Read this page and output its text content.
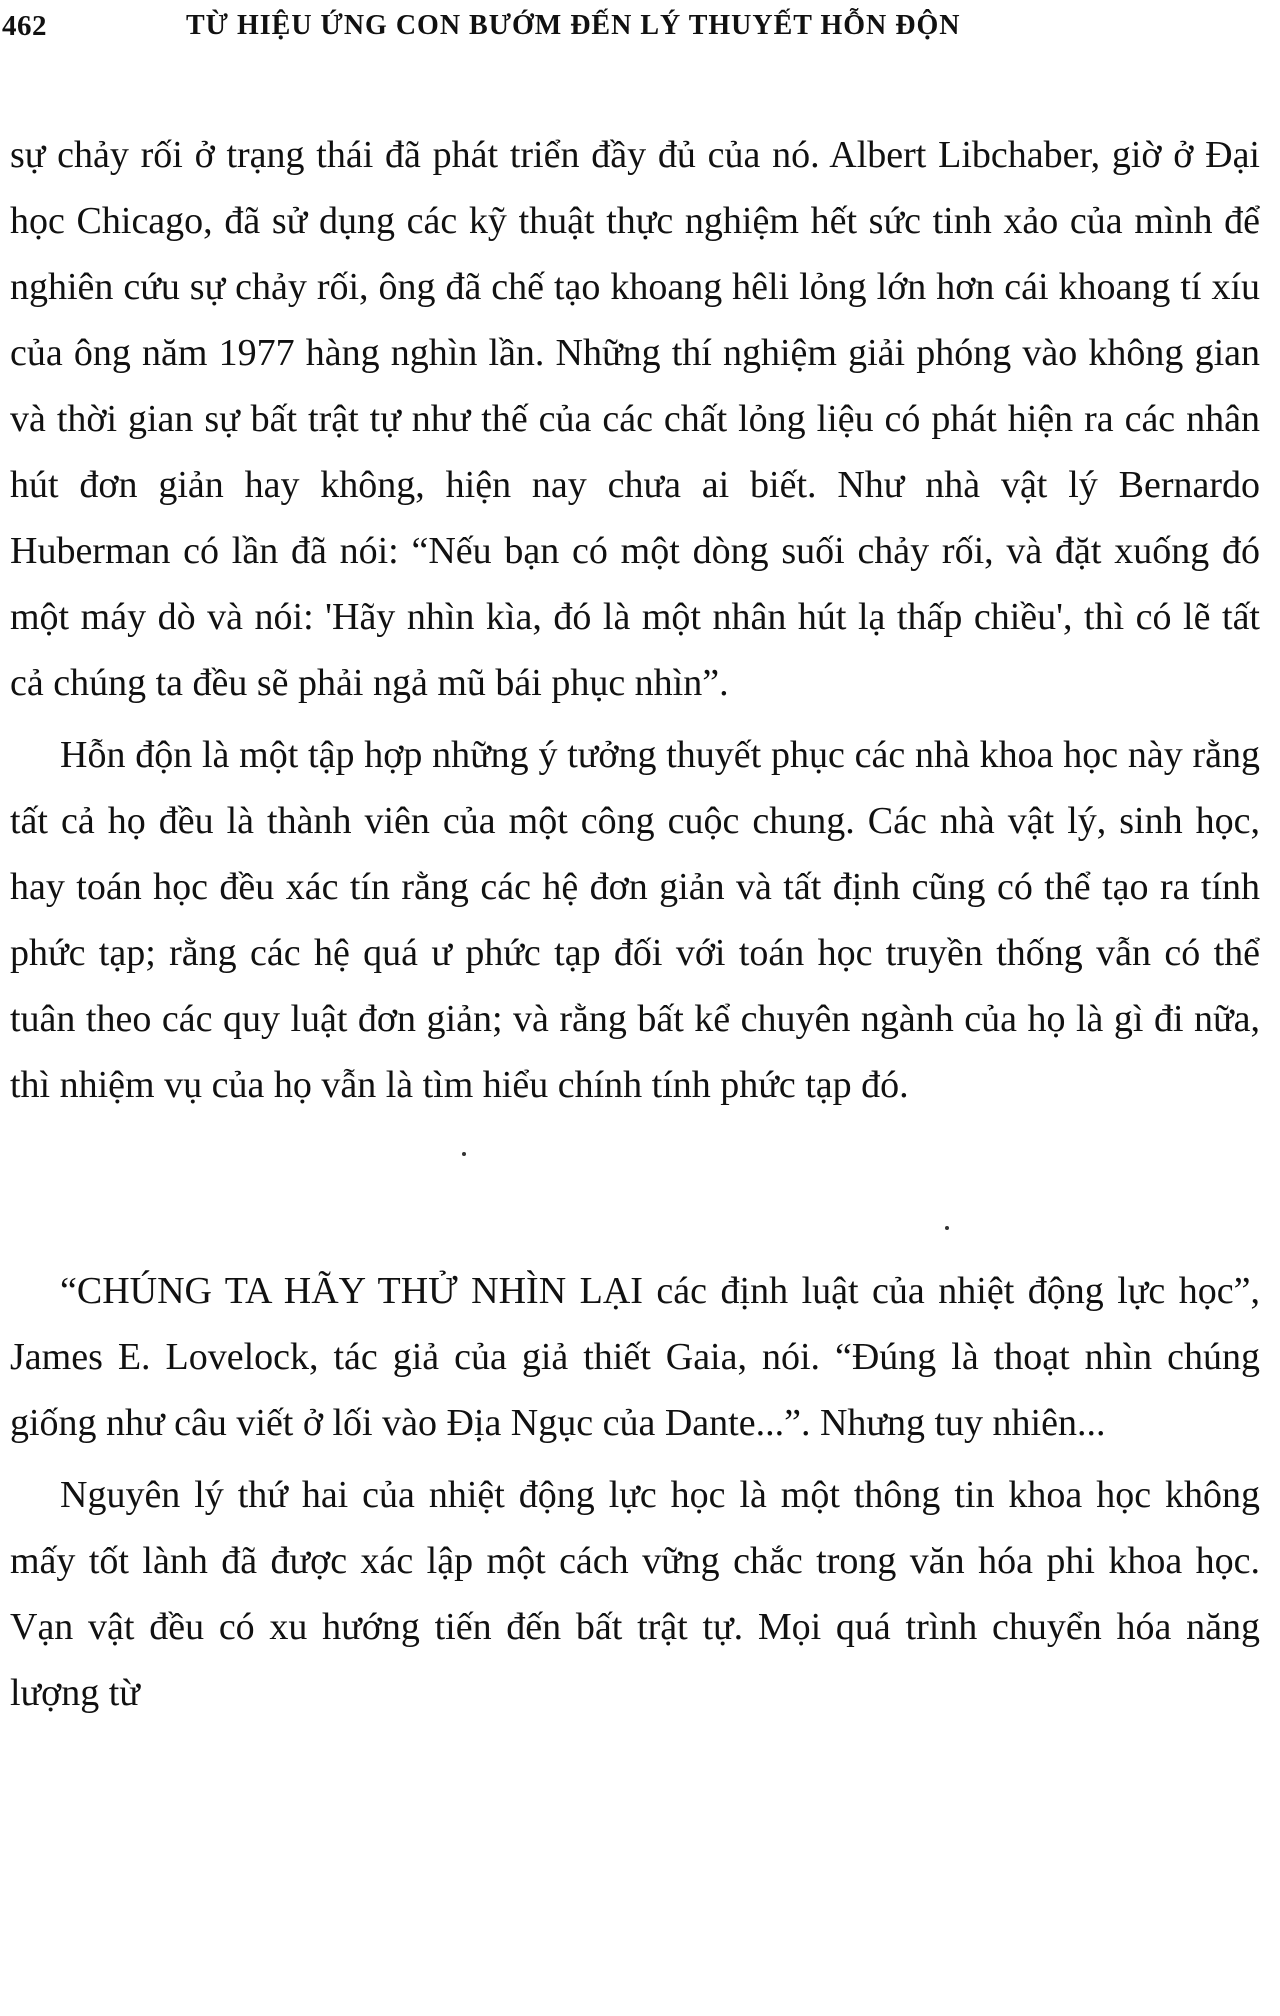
462	TỪ HIỆU ỨNG CON BƯỚM ĐẾN LÝ THUYẾT HỖN ĐỘN

sự chảy rối ở trạng thái đã phát triển đầy đủ của nó. Albert Libchaber, giờ ở Đại học Chicago, đã sử dụng các kỹ thuật thực nghiệm hết sức tinh xảo của mình để nghiên cứu sự chảy rối, ông đã chế tạo khoang hêli lỏng lớn hơn cái khoang tí xíu của ông năm 1977 hàng nghìn lần. Những thí nghiệm giải phóng vào không gian và thời gian sự bất trật tự như thế của các chất lỏng liệu có phát hiện ra các nhân hút đơn giản hay không, hiện nay chưa ai biết. Như nhà vật lý Bernardo Huberman có lần đã nói: “Nếu bạn có một dòng suối chảy rối, và đặt xuống đó một máy dò và nói: 'Hãy nhìn kìa, đó là một nhân hút lạ thấp chiều', thì có lẽ tất cả chúng ta đều sẽ phải ngả mũ bái phục nhìn”.

Hỗn độn là một tập hợp những ý tưởng thuyết phục các nhà khoa học này rằng tất cả họ đều là thành viên của một công cuộc chung. Các nhà vật lý, sinh học, hay toán học đều xác tín rằng các hệ đơn giản và tất định cũng có thể tạo ra tính phức tạp; rằng các hệ quá ư phức tạp đối với toán học truyền thống vẫn có thể tuân theo các quy luật đơn giản; và rằng bất kể chuyên ngành của họ là gì đi nữa, thì nhiệm vụ của họ vẫn là tìm hiểu chính tính phức tạp đó.

“CHÚNG TA HÃY THỬ NHÌN LẠI các định luật của nhiệt động lực học”, James E. Lovelock, tác giả của giả thiết Gaia, nói. “Đúng là thoạt nhìn chúng giống như câu viết ở lối vào Địa Ngục của Dante...”. Nhưng tuy nhiên...

Nguyên lý thứ hai của nhiệt động lực học là một thông tin khoa học không mấy tốt lành đã được xác lập một cách vững chắc trong văn hóa phi khoa học. Vạn vật đều có xu hướng tiến đến bất trật tự. Mọi quá trình chuyển hóa năng lượng từ
